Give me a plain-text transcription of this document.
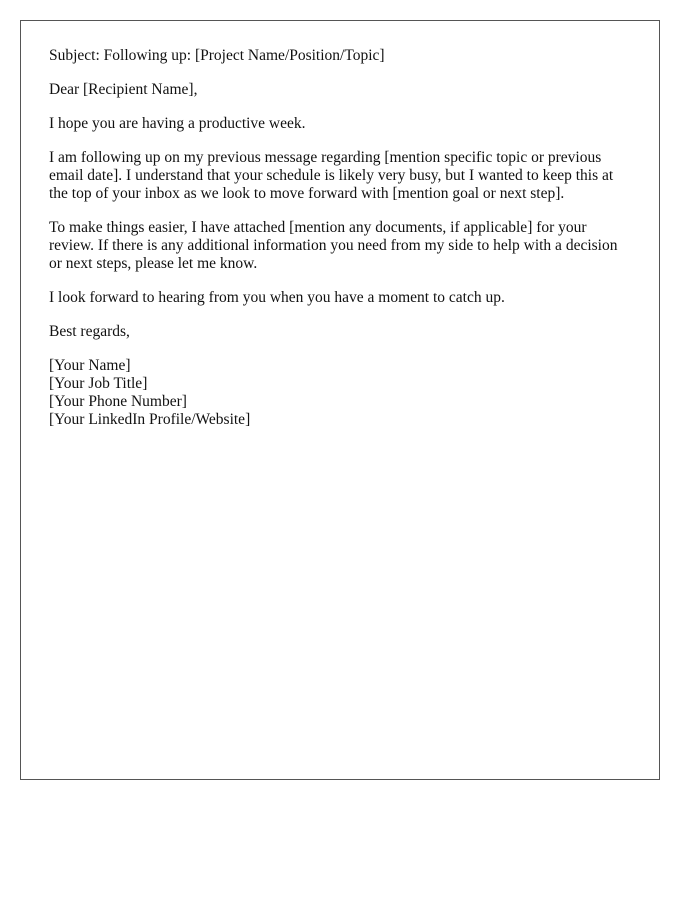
Subject: Following up: [Project Name/Position/Topic]

Dear [Recipient Name],

I hope you are having a productive week.

I am following up on my previous message regarding [mention specific topic or previous email date]. I understand that your schedule is likely very busy, but I wanted to keep this at the top of your inbox as we look to move forward with [mention goal or next step].

To make things easier, I have attached [mention any documents, if applicable] for your review. If there is any additional information you need from my side to help with a decision or next steps, please let me know.

I look forward to hearing from you when you have a moment to catch up.

Best regards,

[Your Name]
[Your Job Title]
[Your Phone Number]
[Your LinkedIn Profile/Website]
